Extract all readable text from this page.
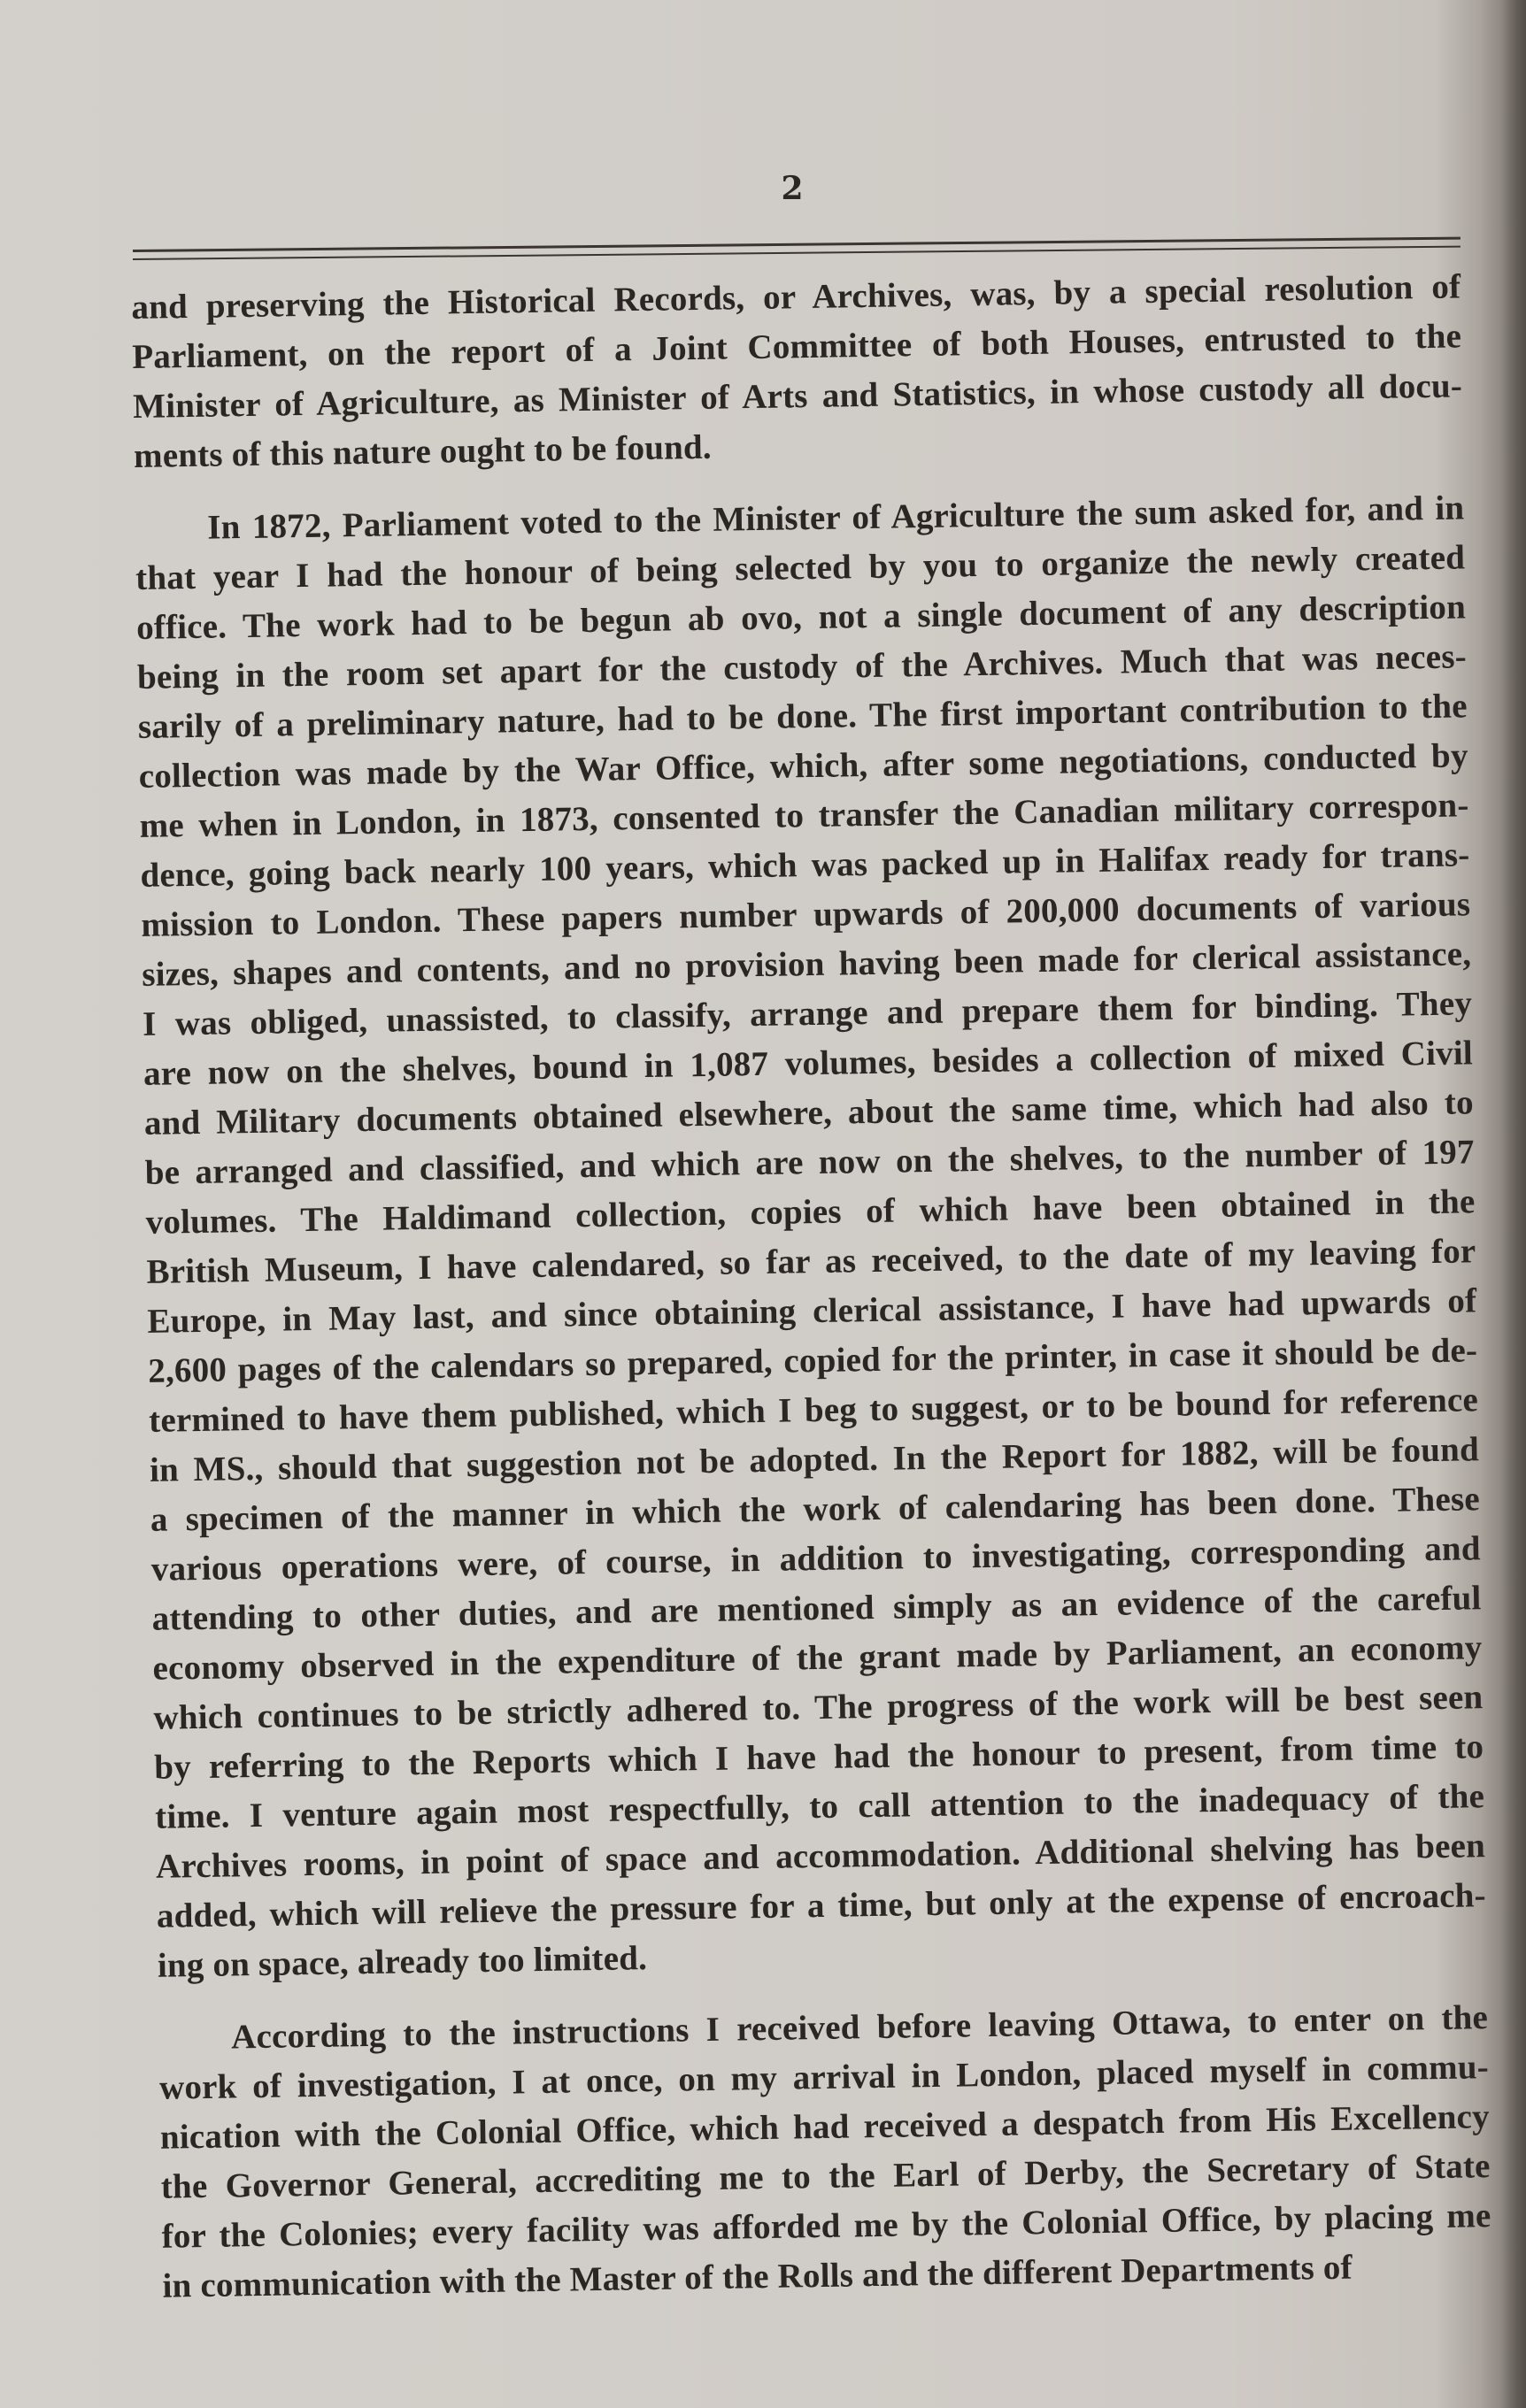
2
and preserving the Historical Records, or Archives, was, by a special resolution of
Parliament, on the report of a Joint Committee of both Houses, entrusted to the
Minister of Agriculture, as Minister of Arts and Statistics, in whose custody all docu-
ments of this nature ought to be found.
In 1872, Parliament voted to the Minister of Agriculture the sum asked for, and in
that year I had the honour of being selected by you to organize the newly created
office. The work had to be begun ab ovo, not a single document of any description
being in the room set apart for the custody of the Archives. Much that was neces-
sarily of a preliminary nature, had to be done. The first important contribution to the
collection was made by the War Office, which, after some negotiations, conducted by
me when in London, in 1873, consented to transfer the Canadian military correspon-
dence, going back nearly 100 years, which was packed up in Halifax ready for trans-
mission to London. These papers number upwards of 200,000 documents of various
sizes, shapes and contents, and no provision having been made for clerical assistance,
I was obliged, unassisted, to classify, arrange and prepare them for binding. They
are now on the shelves, bound in 1,087 volumes, besides a collection of mixed Civil
and Military documents obtained elsewhere, about the same time, which had also to
be arranged and classified, and which are now on the shelves, to the number of 197
volumes. The Haldimand collection, copies of which have been obtained in the
British Museum, I have calendared, so far as received, to the date of my leaving for
Europe, in May last, and since obtaining clerical assistance, I have had upwards of
2,600 pages of the calendars so prepared, copied for the printer, in case it should be de-
termined to have them published, which I beg to suggest, or to be bound for reference
in MS., should that suggestion not be adopted. In the Report for 1882, will be found
a specimen of the manner in which the work of calendaring has been done. These
various operations were, of course, in addition to investigating, corresponding and
attending to other duties, and are mentioned simply as an evidence of the careful
economy observed in the expenditure of the grant made by Parliament, an economy
which continues to be strictly adhered to. The progress of the work will be best seen
by referring to the Reports which I have had the honour to present, from time to
time. I venture again most respectfully, to call attention to the inadequacy of the
Archives rooms, in point of space and accommodation. Additional shelving has been
added, which will relieve the pressure for a time, but only at the expense of encroach-
ing on space, already too limited.
According to the instructions I received before leaving Ottawa, to enter on the
work of investigation, I at once, on my arrival in London, placed myself in commu-
nication with the Colonial Office, which had received a despatch from His Excellency
the Governor General, accrediting me to the Earl of Derby, the Secretary of State
for the Colonies; every facility was afforded me by the Colonial Office, by placing me
in communication with the Master of the Rolls and the different Departments of
